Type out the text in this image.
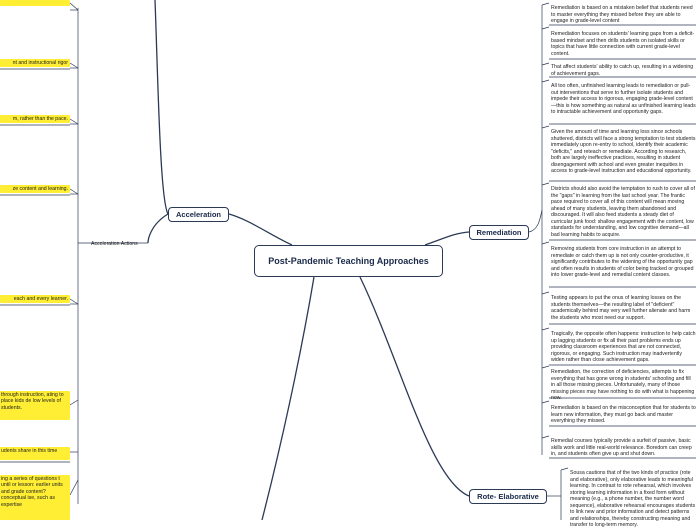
Post-Pandemic Teaching Approaches
Acceleration
Remediation
Rote- Elaborative
Acceleration Actions
nt and instructional rigor
m, rather than the pace.
ze content and learning.
each and every learner.
through instruction, ating to place kids de low levels of students.
udents share in this time
ing a series of questions t until or lesson: earlier units and grade content? conceptual ise, such as expertise
Remediation is based on a mistaken belief that students need to master everything they missed before they are able to engage in grade-level content
Remediation focuses on students' learning gaps from a deficit-based mindset and then drills students on isolated skills or topics that have little connection with current grade-level content.
That affect students' ability to catch up, resulting in a widening of achievement gaps.
All too often, unfinished learning leads to remediation or pull-out interventions that serve to further isolate students and impede their access to rigorous, engaging grade-level content—this is how something as natural as unfinished learning leads to intractable achievement and opportunity gaps.
Given the amount of time and learning loss since schools shuttered, districts will face a strong temptation to test students immediately upon re-entry to school, identify their academic "deficits," and reteach or remediate. According to research, both are largely ineffective practices, resulting in student disengagement with school and even greater inequities in access to grade-level instruction and educational opportunity.
Districts should also avoid the temptation to rush to cover all of the "gaps" in learning from the last school year. The frantic pace required to cover all of this content will mean moving ahead of many students, leaving them abandoned and discouraged. It will also feed students a steady diet of curricular junk food: shallow engagement with the content, low standards for understanding, and low cognitive demand—all bad learning habits to acquire.
Removing students from core instruction in an attempt to remediate or catch them up is not only counter-productive, it significantly contributes to the widening of the opportunity gap and often results in students of color being tracked or grouped into lower grade-level and remedial content classes.
Testing appears to put the onus of learning losses on the students themselves—the resulting label of "deficient" academically behind may very well further alienate and harm the students who most need our support.
Tragically, the opposite often happens: instruction to help catch up lagging students or fix all their past problems ends up providing classroom experiences that are not connected, rigorous, or engaging. Such instruction may inadvertently widen rather than close achievement gaps.
Remediation, the correction of deficiencies, attempts to fix everything that has gone wrong in students' schooling and fill in all those missing pieces. Unfortunately, many of those missing pieces may have nothing to do with what is happening now.
Remediation is based on the misconception that for students to learn new information, they must go back and master everything they missed.
Remedial courses typically provide a surfeit of passive, basic skills work and little real-world relevance. Boredom can creep in, and students often give up and shut down.
Sousa cautions that of the two kinds of practice (rote and elaborative), only elaborative leads to meaningful learning. In contrast to rote rehearsal, which involves storing learning information in a fixed form without meaning (e.g., a phone number, the number word sequence), elaborative rehearsal encourages students to link new and prior information and detect patterns and relationships, thereby constructing meaning and transfer to long-term memory.
